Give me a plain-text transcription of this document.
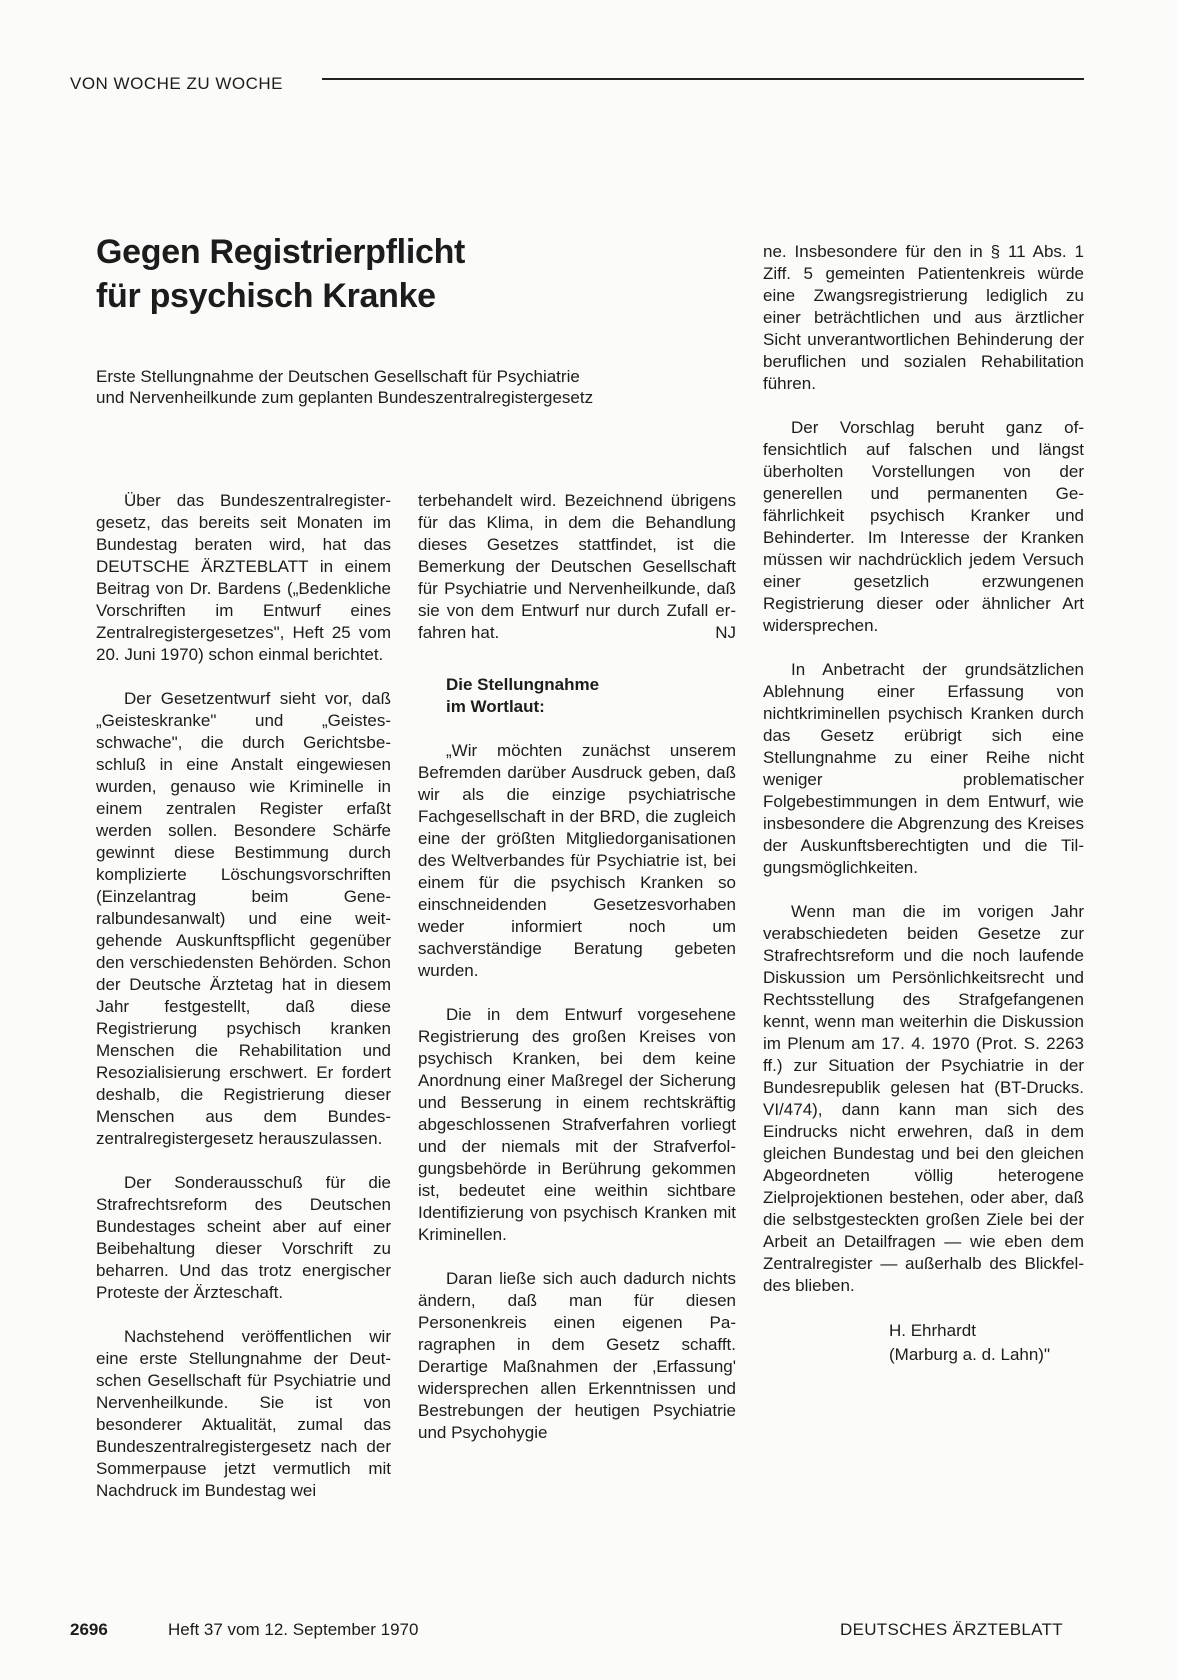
VON WOCHE ZU WOCHE
Gegen Registrierpflicht
für psychisch Kranke
Erste Stellungnahme der Deutschen Gesellschaft für Psychiatrie
und Nervenheilkunde zum geplanten Bundeszentralregistergesetz

Über das Bundeszentralregistergesetz, das bereits seit Monaten im Bundestag beraten wird, hat das DEUTSCHE ÄRZTEBLATT in einem Beitrag von Dr. Bardens („Bedenkliche Vorschriften im Entwurf eines Zentralregistergesetzes", Heft 25 vom 20. Juni 1970) schon einmal berichtet.

Der Gesetzentwurf sieht vor, daß „Geisteskranke" und „Geistesschwache", die durch Gerichtsbeschluß in eine Anstalt eingewiesen wurden, genauso wie Kriminelle in einem zentralen Register erfaßt werden sollen. Besondere Schärfe gewinnt diese Bestimmung durch komplizierte Löschungsvorschriften (Einzelantrag beim Generalbundesanwalt) und eine weitgehende Auskunftspflicht gegenüber den verschiedensten Behörden. Schon der Deutsche Ärztetag hat in diesem Jahr festgestellt, daß diese Registrierung psychisch kranken Menschen die Rehabilitation und Resozialisierung erschwert. Er fordert deshalb, die Registrierung dieser Menschen aus dem Bundeszentralregistergesetz herauszulassen.

Der Sonderausschuß für die Strafrechtsreform des Deutschen Bundestages scheint aber auf einer Beibehaltung dieser Vorschrift zu beharren. Und das trotz energischer Proteste der Ärzteschaft.

Nachstehend veröffentlichen wir eine erste Stellungnahme der Deutschen Gesellschaft für Psychiatrie und Nervenheilkunde. Sie ist von besonderer Aktualität, zumal das Bundeszentralregistergesetz nach der Sommerpause jetzt vermutlich mit Nachdruck im Bundestag wei

terbehandelt wird. Bezeichnend übrigens für das Klima, in dem die Behandlung dieses Gesetzes stattfindet, ist die Bemerkung der Deutschen Gesellschaft für Psychiatrie und Nervenheilkunde, daß sie von dem Entwurf nur durch Zufall erfahren hat.	NJ

Die Stellungnahme
im Wortlaut:

„Wir möchten zunächst unserem Befremden darüber Ausdruck geben, daß wir als die einzige psychiatrische Fachgesellschaft in der BRD, die zugleich eine der größten Mitgliedorganisationen des Weltverbandes für Psychiatrie ist, bei einem für die psychisch Kranken so einschneidenden Gesetzesvorhaben weder informiert noch um sachverständige Beratung gebeten wurden.

Die in dem Entwurf vorgesehene Registrierung des großen Kreises von psychisch Kranken, bei dem keine Anordnung einer Maßregel der Sicherung und Besserung in einem rechtskräftig abgeschlossenen Strafverfahren vorliegt und der niemals mit der Strafverfolgungsbehörde in Berührung gekommen ist, bedeutet eine weithin sichtbare Identifizierung von psychisch Kranken mit Kriminellen.

Daran ließe sich auch dadurch nichts ändern, daß man für diesen Personenkreis einen eigenen Paragraphen in dem Gesetz schafft. Derartige Maßnahmen der ‚Erfassung' widersprechen allen Erkenntnissen und Bestrebungen der heutigen Psychiatrie und Psychohygie

ne. Insbesondere für den in § 11 Abs. 1 Ziff. 5 gemeinten Patientenkreis würde eine Zwangsregistrierung lediglich zu einer beträchtlichen und aus ärztlicher Sicht unverantwortlichen Behinderung der beruflichen und sozialen Rehabilitation führen.

Der Vorschlag beruht ganz offensichtlich auf falschen und längst überholten Vorstellungen von der generellen und permanenten Gefährlichkeit psychisch Kranker und Behinderter. Im Interesse der Kranken müssen wir nachdrücklich jedem Versuch einer gesetzlich erzwungenen Registrierung dieser oder ähnlicher Art widersprechen.

In Anbetracht der grundsätzlichen Ablehnung einer Erfassung von nichtkriminellen psychisch Kranken durch das Gesetz erübrigt sich eine Stellungnahme zu einer Reihe nicht weniger problematischer Folgebestimmungen in dem Entwurf, wie insbesondere die Abgrenzung des Kreises der Auskunftsberechtigten und die Tilgungsmöglichkeiten.

Wenn man die im vorigen Jahr verabschiedeten beiden Gesetze zur Strafrechtsreform und die noch laufende Diskussion um Persönlichkeitsrecht und Rechtsstellung des Strafgefangenen kennt, wenn man weiterhin die Diskussion im Plenum am 17. 4. 1970 (Prot. S. 2263 ff.) zur Situation der Psychiatrie in der Bundesrepublik gelesen hat (BT-Drucks. VI/474), dann kann man sich des Eindrucks nicht erwehren, daß in dem gleichen Bundestag und bei den gleichen Abgeordneten völlig heterogene Zielprojektionen bestehen, oder aber, daß die selbstgesteckten großen Ziele bei der Arbeit an Detailfragen — wie eben dem Zentralregister — außerhalb des Blickfeldes blieben.

H. Ehrhardt
(Marburg a. d. Lahn)"
2696	Heft 37 vom 12. September 1970	DEUTSCHES ÄRZTEBLATT
